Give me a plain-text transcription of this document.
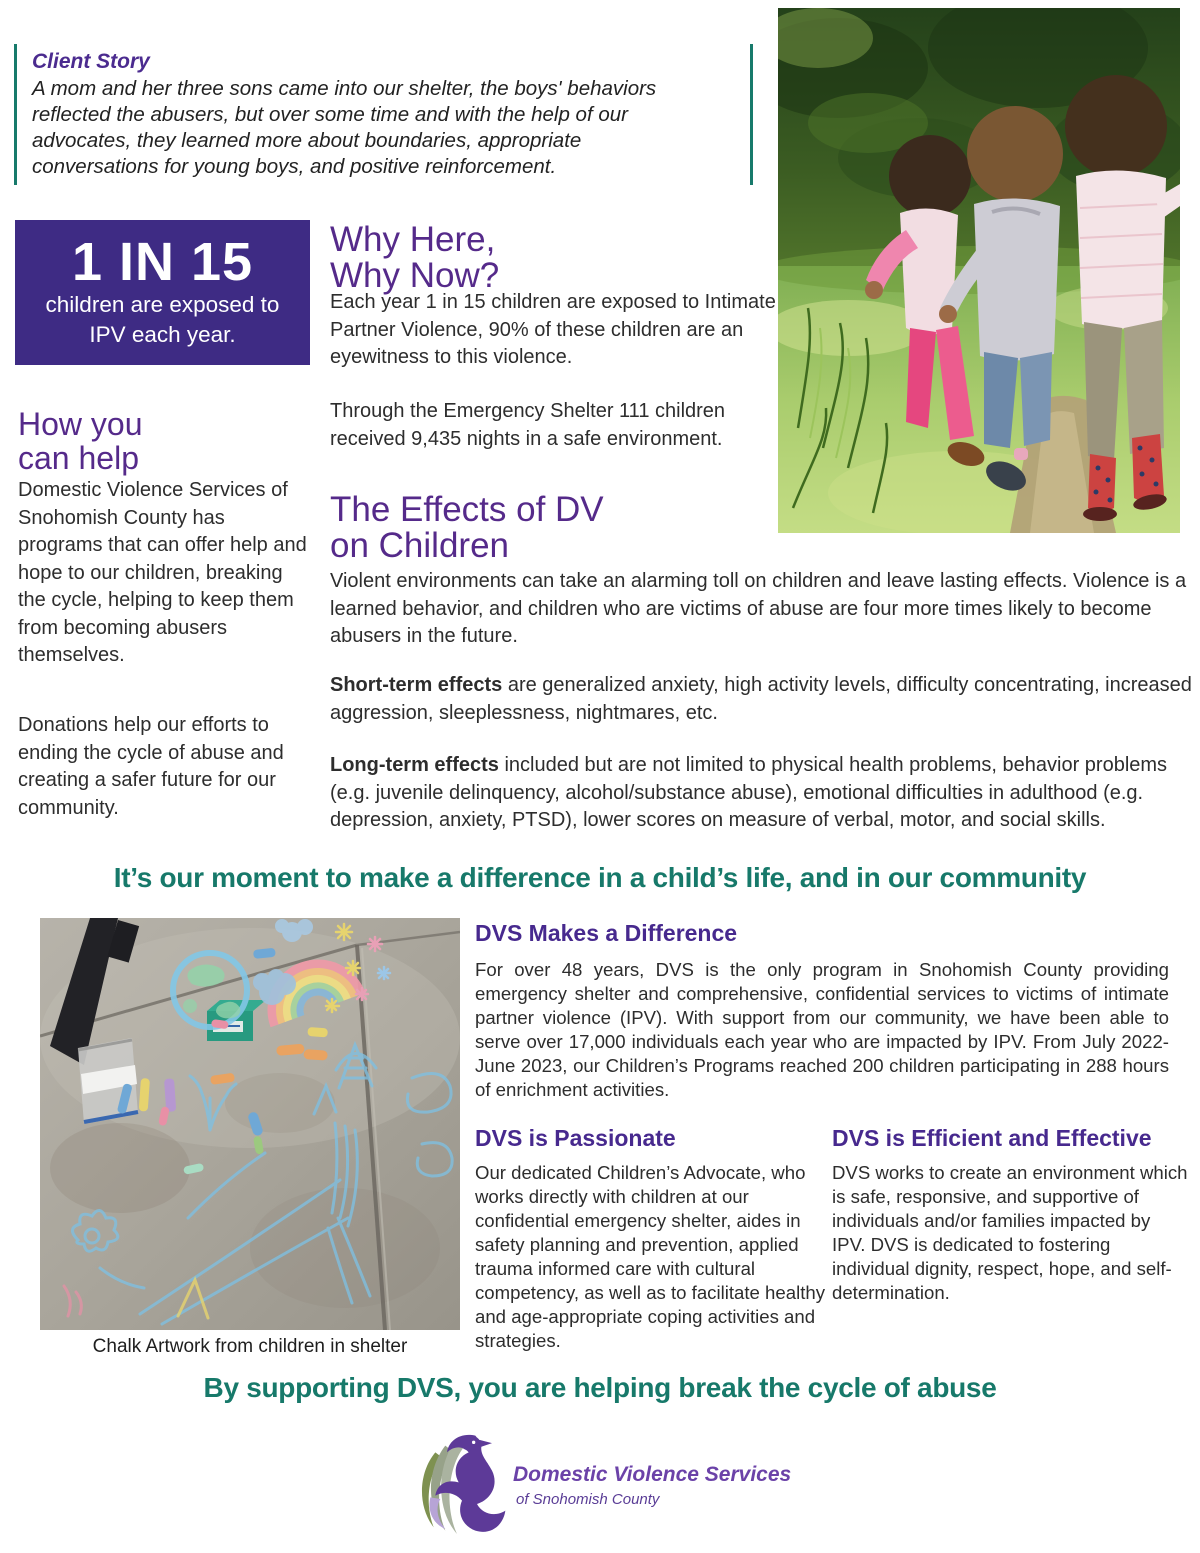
Client Story
A mom and her three sons came into our shelter, the boys' behaviors reflected the abusers, but over some time and with the help of our advocates, they learned more about boundaries, appropriate conversations for young boys, and positive reinforcement.
1 IN 15
children are exposed to
IPV each year.
Why Here,
Why Now?
Each year 1 in 15 children are exposed to Intimate Partner Violence, 90% of these children are an eyewitness to this violence.
Through the Emergency Shelter 111 children received 9,435 nights in a safe environment.
How you
can help
Domestic Violence Services of Snohomish County has programs that can offer help and hope to our children, breaking the cycle, helping to keep them from becoming abusers themselves.
Donations help our efforts to ending the cycle of abuse and creating a safer future for our community.
The Effects of DV
on Children
Violent environments can take an alarming toll on children and leave lasting effects. Violence is a learned behavior, and children who are victims of abuse are four more times likely to become abusers in the future.
Short-term effects are generalized anxiety, high activity levels, difficulty concentrating, increased aggression, sleeplessness, nightmares, etc.
Long-term effects included but are not limited to physical health problems, behavior problems (e.g. juvenile delinquency, alcohol/substance abuse), emotional difficulties in adulthood (e.g. depression, anxiety, PTSD), lower scores on measure of verbal, motor, and social skills.
It’s our moment to make a difference in a child’s life, and in our community
Chalk Artwork from children in shelter
DVS Makes a Difference
For over 48 years, DVS is the only program in Snohomish County providing emergency shelter and comprehensive, confidential services to victims of intimate partner violence (IPV). With support from our community, we have been able to serve over 17,000 individuals each year who are impacted by IPV. From July 2022-June 2023, our Children’s Programs reached 200 children participating in 288 hours of enrichment activities.
DVS is Passionate
Our dedicated Children’s Advocate, who works directly with children at our confidential emergency shelter, aides in safety planning and prevention, applied trauma informed care with cultural competency, as well as to facilitate healthy and age-appropriate coping activities and strategies.
DVS is Efficient and Effective
DVS works to create an environment which is safe, responsive, and supportive of individuals and/or families impacted by IPV. DVS is dedicated to fostering individual dignity, respect, hope, and self-determination.
By supporting DVS, you are helping break the cycle of abuse
Domestic Violence Services
of Snohomish County
